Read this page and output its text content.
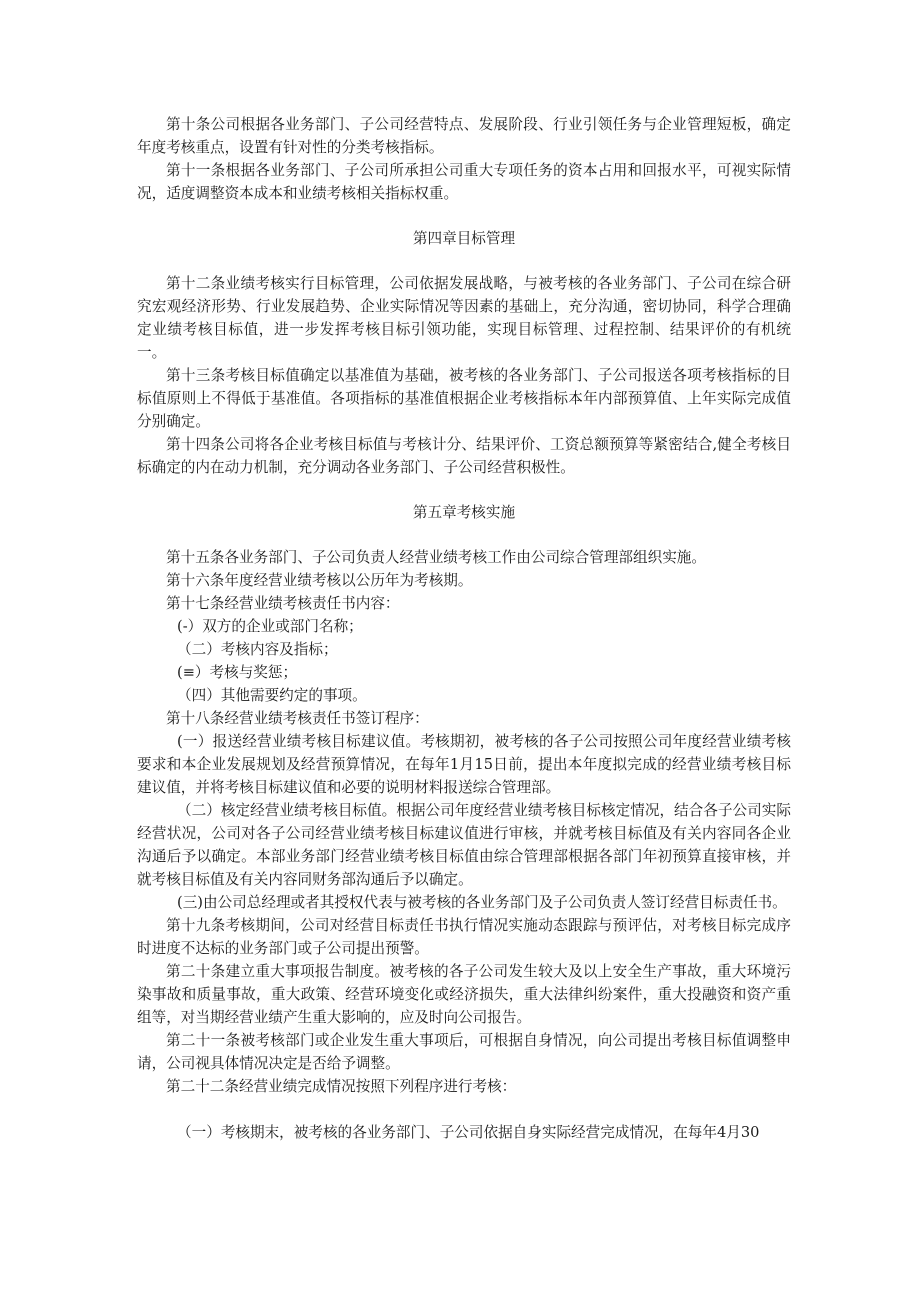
第十条公司根据各业务部门、子公司经营特点、发展阶段、行业引领任务与企业管理短板，确定年度考核重点，设置有针对性的分类考核指标。

第十一条根据各业务部门、子公司所承担公司重大专项任务的资本占用和回报水平，可视实际情况，适度调整资本成本和业绩考核相关指标权重。

第四章目标管理

第十二条业绩考核实行目标管理，公司依据发展战略，与被考核的各业务部门、子公司在综合研究宏观经济形势、行业发展趋势、企业实际情况等因素的基础上，充分沟通，密切协同，科学合理确定业绩考核目标值，进一步发挥考核目标引领功能，实现目标管理、过程控制、结果评价的有机统一。

第十三条考核目标值确定以基准值为基础，被考核的各业务部门、子公司报送各项考核指标的目标值原则上不得低于基准值。各项指标的基准值根据企业考核指标本年内部预算值、上年实际完成值分别确定。

第十四条公司将各企业考核目标值与考核计分、结果评价、工资总额预算等紧密结合,健全考核目标确定的内在动力机制，充分调动各业务部门、子公司经营积极性。

第五章考核实施

第十五条各业务部门、子公司负责人经营业绩考核工作由公司综合管理部组织实施。

第十六条年度经营业绩考核以公历年为考核期。

第十七条经营业绩考核责任书内容：

(-）双方的企业或部门名称；

（二）考核内容及指标；

(≡）考核与奖惩；

（四）其他需要约定的事项。

第十八条经营业绩考核责任书签订程序：

(一）报送经营业绩考核目标建议值。考核期初，被考核的各子公司按照公司年度经营业绩考核要求和本企业发展规划及经营预算情况，在每年1月15日前，提出本年度拟完成的经营业绩考核目标建议值，并将考核目标建议值和必要的说明材料报送综合管理部。

（二）核定经营业绩考核目标值。根据公司年度经营业绩考核目标核定情况，结合各子公司实际经营状况，公司对各子公司经营业绩考核目标建议值进行审核，并就考核目标值及有关内容同各企业沟通后予以确定。本部业务部门经营业绩考核目标值由综合管理部根据各部门年初预算直接审核，并就考核目标值及有关内容同财务部沟通后予以确定。

(三)由公司总经理或者其授权代表与被考核的各业务部门及子公司负责人签订经营目标责任书。

第十九条考核期间，公司对经营目标责任书执行情况实施动态跟踪与预评估，对考核目标完成序时进度不达标的业务部门或子公司提出预警。

第二十条建立重大事项报告制度。被考核的各子公司发生较大及以上安全生产事故，重大环境污染事故和质量事故，重大政策、经营环境变化或经济损失，重大法律纠纷案件，重大投融资和资产重组等，对当期经营业绩产生重大影响的，应及时向公司报告。

第二十一条被考核部门或企业发生重大事项后，可根据自身情况，向公司提出考核目标值调整申请，公司视具体情况决定是否给予调整。

第二十二条经营业绩完成情况按照下列程序进行考核：

（一）考核期末，被考核的各业务部门、子公司依据自身实际经营完成情况，在每年4月30
